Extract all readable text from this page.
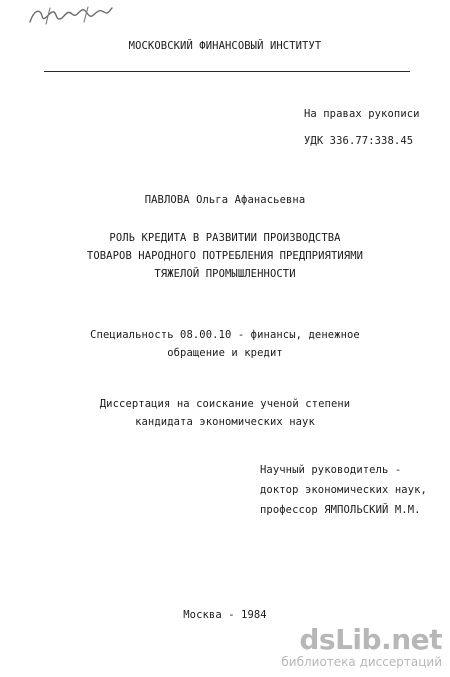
МОСКОВСКИЙ ФИНАНСОВЫЙ ИНСТИТУТ
На правах рукописи
УДК 336.77:338.45
ПАВЛОВА Ольга Афанасьевна
РОЛЬ КРЕДИТА В РАЗВИТИИ ПРОИЗВОДСТВА
ТОВАРОВ НАРОДНОГО ПОТРЕБЛЕНИЯ ПРЕДПРИЯТИЯМИ
ТЯЖЕЛОЙ ПРОМЫШЛЕННОСТИ
Специальность 08.00.10 - финансы, денежное
обращение и кредит
Диссертация на соискание ученой степени
кандидата экономических наук
Научный руководитель -
доктор экономических наук,
профессор ЯМПОЛЬСКИЙ М.М.
Москва - 1984
dsLib.net
библиотека диссертаций
